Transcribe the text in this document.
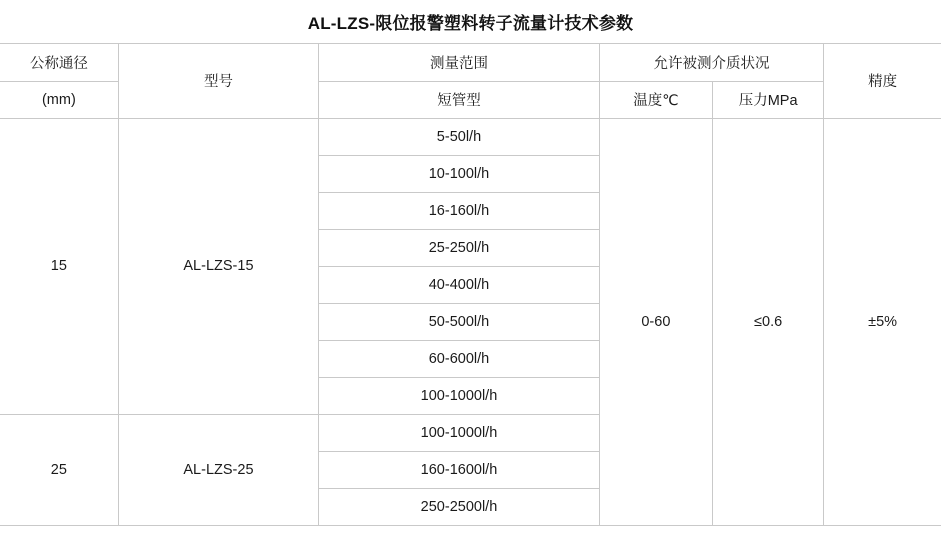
AL-LZS-限位报警塑料转子流量计技术参数
公称通径	型号	测量范围	允许被测介质状况		精度
(mm)		短管型	温度℃	压力MPa	
15	AL-LZS-15	5-50l/h	0-60	≤0.6	±5%
		10-100l/h			
		16-160l/h			
		25-250l/h			
		40-400l/h			
		50-500l/h			
		60-600l/h			
		100-1000l/h			
25	AL-LZS-25	100-1000l/h			
		160-1600l/h			
		250-2500l/h			
